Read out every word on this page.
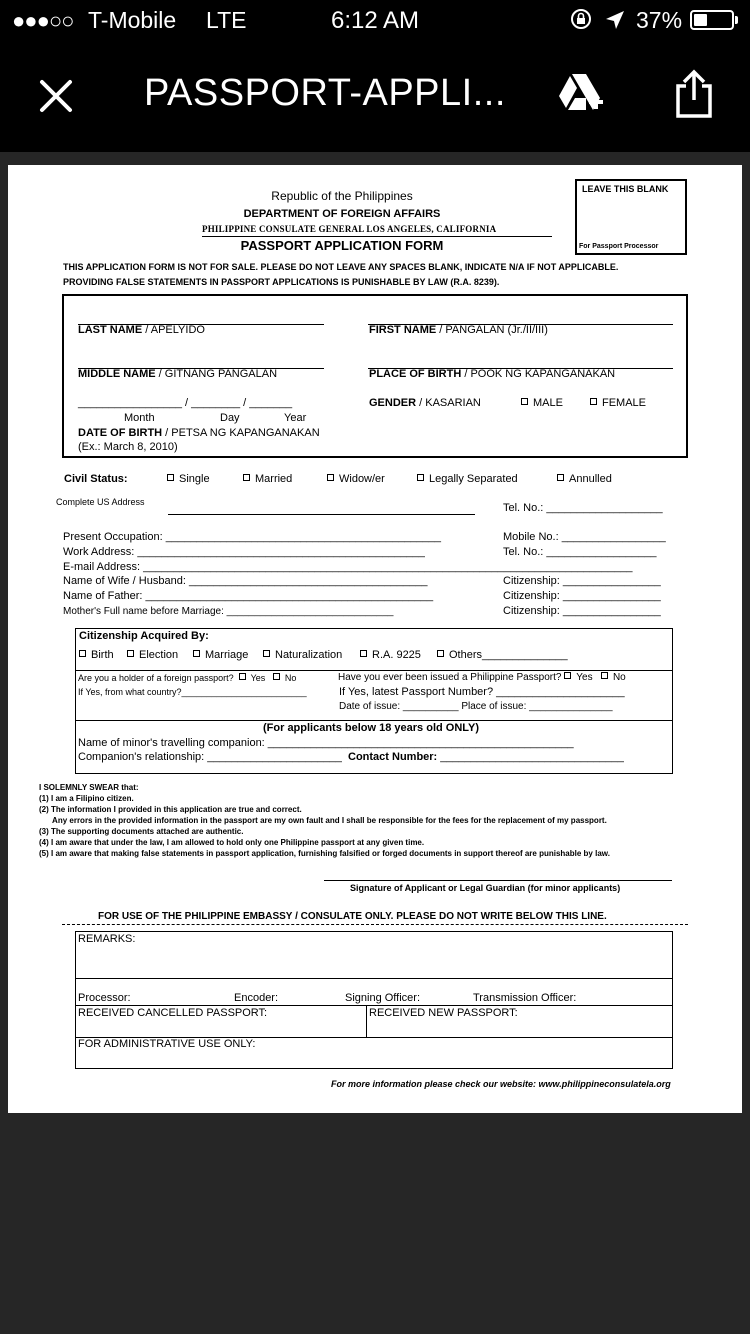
●●●○○ T-Mobile LTE	6:12 AM	37%
PASSPORT-APPLI...
Republic of the Philippines
DEPARTMENT OF FOREIGN AFFAIRS
PHILIPPINE CONSULATE GENERAL LOS ANGELES, CALIFORNIA
PASSPORT APPLICATION FORM
LEAVE THIS BLANK
For Passport Processor
THIS APPLICATION FORM IS NOT FOR SALE. PLEASE DO NOT LEAVE ANY SPACES BLANK, INDICATE N/A IF NOT APPLICABLE.
PROVIDING FALSE STATEMENTS IN PASSPORT APPLICATIONS IS PUNISHABLE BY LAW (R.A. 8239).
LAST NAME / APELYIDO	FIRST NAME / PANGALAN (Jr./II/III)
MIDDLE NAME / GITNANG PANGALAN	PLACE OF BIRTH / POOK NG KAPANGANAKAN
_________________ / ________ / _______
Month	Day	Year
DATE OF BIRTH / PETSA NG KAPANGANAKAN
(Ex.: March 8, 2010)
GENDER / KASARIAN	MALE	FEMALE
Civil Status:	Single	Married	Widow/er	Legally Separated	Annulled
Complete US Address	Tel. No.: ___________________
Present Occupation: _____________________________________________	Mobile No.: _________________
Work Address: _______________________________________________	Tel. No.: __________________
E-mail Address: ________________________________________________________________________________
Name of Wife / Husband: _______________________________________	Citizenship: ________________
Name of Father: _______________________________________________	Citizenship: ________________
Mother's Full name before Marriage: ______________________________	Citizenship: ________________
Citizenship Acquired By:
Birth	Election	Marriage	Naturalization	R.A. 9225	Others______________
Are you a holder of a foreign passport? Yes No
If Yes, from what country?_________________________
Have you ever been issued a Philippine Passport? Yes No
If Yes, latest Passport Number? _____________________
Date of issue: __________ Place of issue: _______________
(For applicants below 18 years old ONLY)
Name of minor's travelling companion: __________________________________________________
Companion's relationship: ______________________ Contact Number: ______________________________
I SOLEMNLY SWEAR that:
(1) I am a Filipino citizen.
(2) The information I provided in this application are true and correct.
Any errors in the provided information in the passport are my own fault and I shall be responsible for the fees for the replacement of my passport.
(3) The supporting documents attached are authentic.
(4) I am aware that under the law, I am allowed to hold only one Philippine passport at any given time.
(5) I am aware that making false statements in passport application, furnishing falsified or forged documents in support thereof are punishable by law.
Signature of Applicant or Legal Guardian (for minor applicants)
FOR USE OF THE PHILIPPINE EMBASSY / CONSULATE ONLY. PLEASE DO NOT WRITE BELOW THIS LINE.
REMARKS:
Processor:	Encoder:	Signing Officer:	Transmission Officer:
RECEIVED CANCELLED PASSPORT:	RECEIVED NEW PASSPORT:
FOR ADMINISTRATIVE USE ONLY:
For more information please check our website: www.philippineconsulatela.org
